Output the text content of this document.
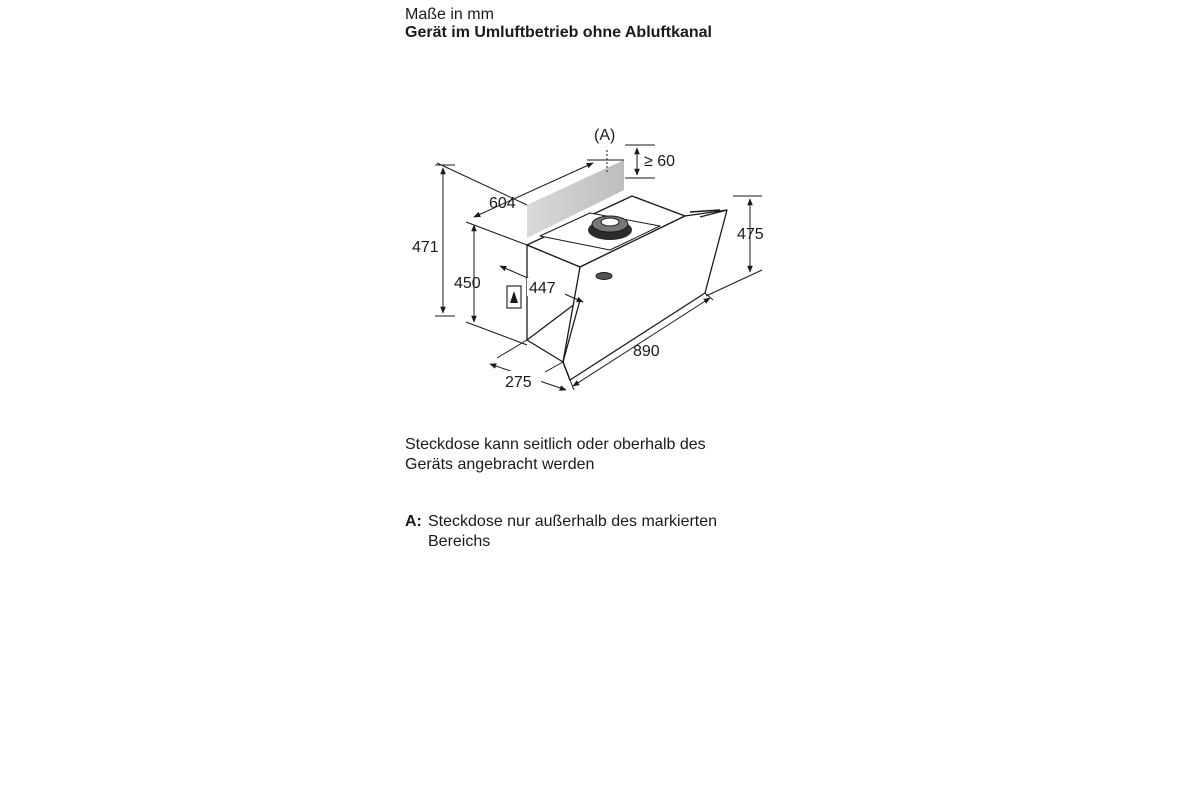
Maße in mm
Gerät im Umluftbetrieb ohne Abluftkanal
(A)
≥ 60
604
471
450
475
447
890
275
Steckdose kann seitlich oder oberhalb des
Geräts angebracht werden
A: Steckdose nur außerhalb des markierten
Bereichs
